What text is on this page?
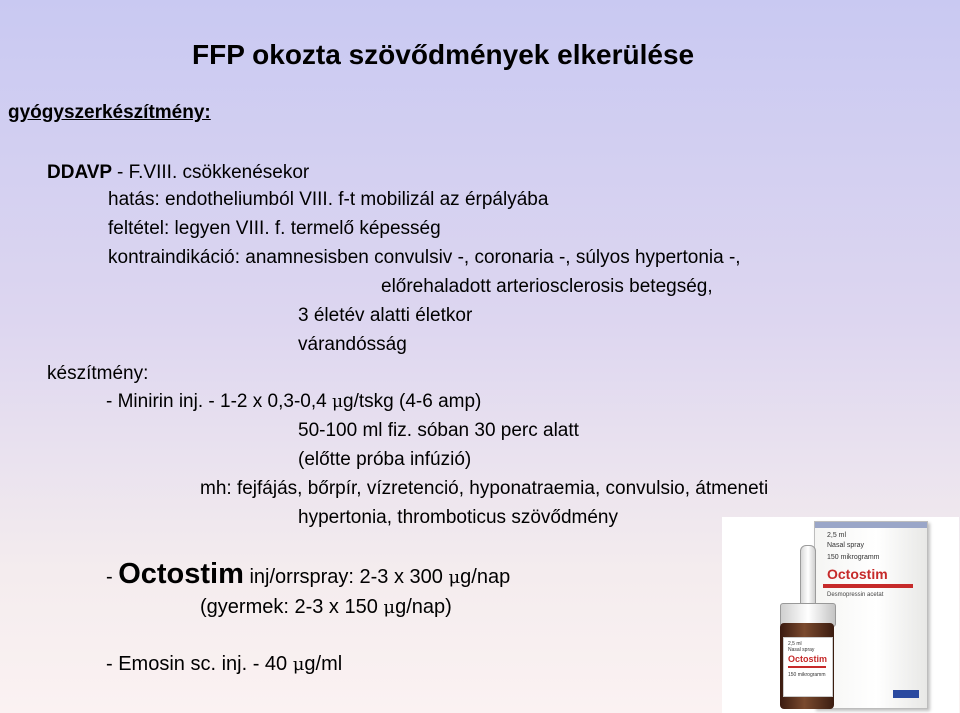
FFP okozta szövődmények elkerülése
gyógyszerkészítmény:
DDAVP - F.VIII. csökkenésekor
hatás: endotheliumból VIII. f-t mobilizál az érpályába
feltétel: legyen VIII. f. termelő képesség
kontraindikáció: anamnesisben convulsiv -, coronaria -, súlyos hypertonia -,
előrehaladott arteriosclerosis betegség,
3 életév alatti életkor
várandósság
készítmény:
- Minirin inj. - 1-2 x 0,3-0,4 μg/tskg (4-6 amp)
50-100 ml fiz. sóban 30 perc alatt
(előtte próba infúzió)
mh: fejfájás, bőrpír, vízretenció, hyponatraemia, convulsio, átmeneti
hypertonia, thromboticus szövődmény
- Octostim inj/orrspray: 2-3 x 300 μg/nap
(gyermek: 2-3 x 150 μg/nap)
- Emosin sc. inj. - 40 μg/ml
2,5 ml
Nasal spray
Octostim
150 mikrogramm
Desmopressin acetat
2,5 ml
Nasal spray
Octostim
150 mikrogramm
